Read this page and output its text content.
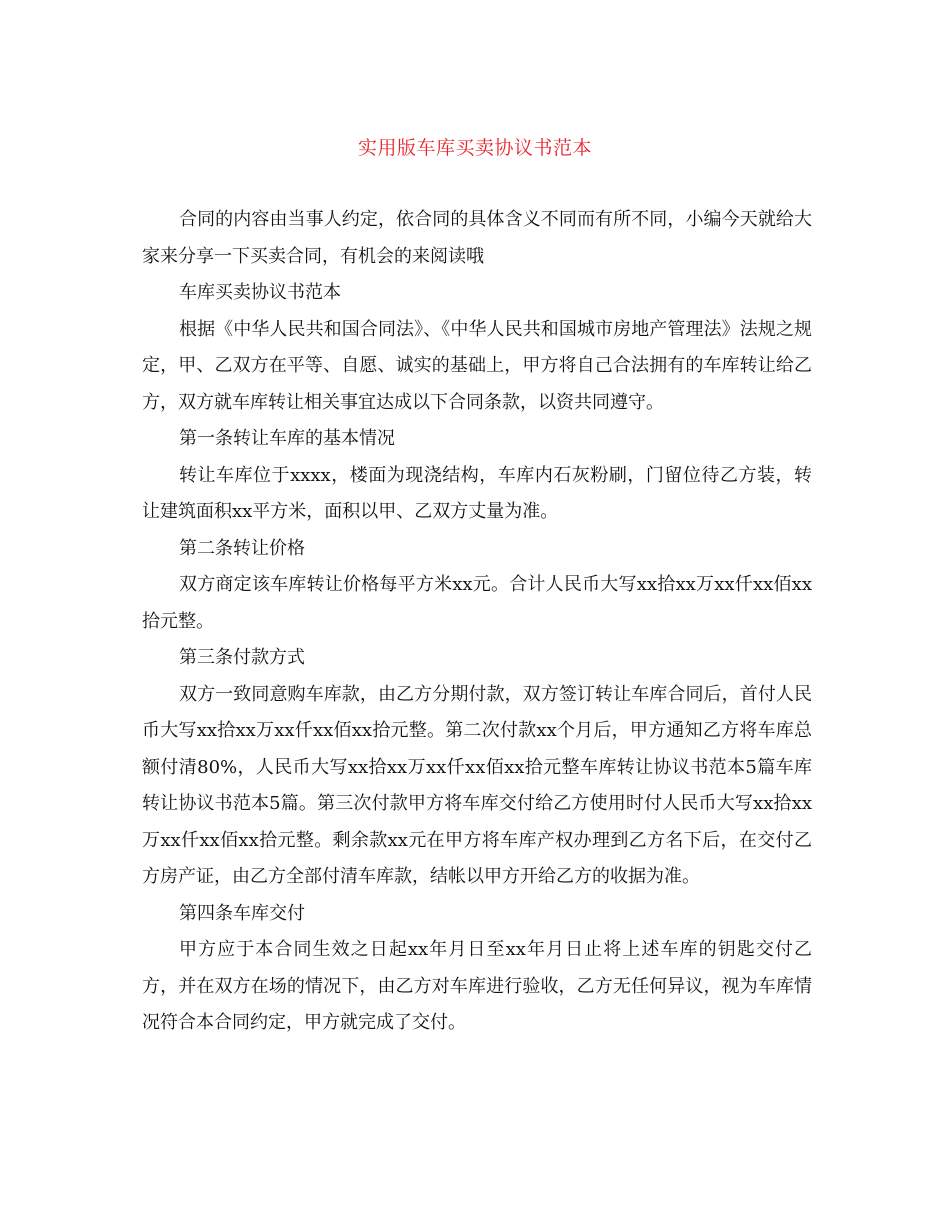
实用版车库买卖协议书范本

合同的内容由当事人约定，依合同的具体含义不同而有所不同，小编今天就给大家来分享一下买卖合同，有机会的来阅读哦

车库买卖协议书范本

根据《中华人民共和国合同法》、《中华人民共和国城市房地产管理法》法规之规定，甲、乙双方在平等、自愿、诚实的基础上，甲方将自己合法拥有的车库转让给乙方，双方就车库转让相关事宜达成以下合同条款，以资共同遵守。

第一条转让车库的基本情况

转让车库位于xxxx，楼面为现浇结构，车库内石灰粉刷，门留位待乙方装，转让建筑面积xx平方米，面积以甲、乙双方丈量为准。

第二条转让价格

双方商定该车库转让价格每平方米xx元。合计人民币大写xx拾xx万xx仟xx佰xx拾元整。

第三条付款方式

双方一致同意购车库款，由乙方分期付款，双方签订转让车库合同后，首付人民币大写xx拾xx万xx仟xx佰xx拾元整。第二次付款xx个月后，甲方通知乙方将车库总额付清80%，人民币大写xx拾xx万xx仟xx佰xx拾元整车库转让协议书范本5篇车库转让协议书范本5篇。第三次付款甲方将车库交付给乙方使用时付人民币大写xx拾xx万xx仟xx佰xx拾元整。剩余款xx元在甲方将车库产权办理到乙方名下后，在交付乙方房产证，由乙方全部付清车库款，结帐以甲方开给乙方的收据为准。

第四条车库交付

甲方应于本合同生效之日起xx年月日至xx年月日止将上述车库的钥匙交付乙方，并在双方在场的情况下，由乙方对车库进行验收，乙方无任何异议，视为车库情况符合本合同约定，甲方就完成了交付。
